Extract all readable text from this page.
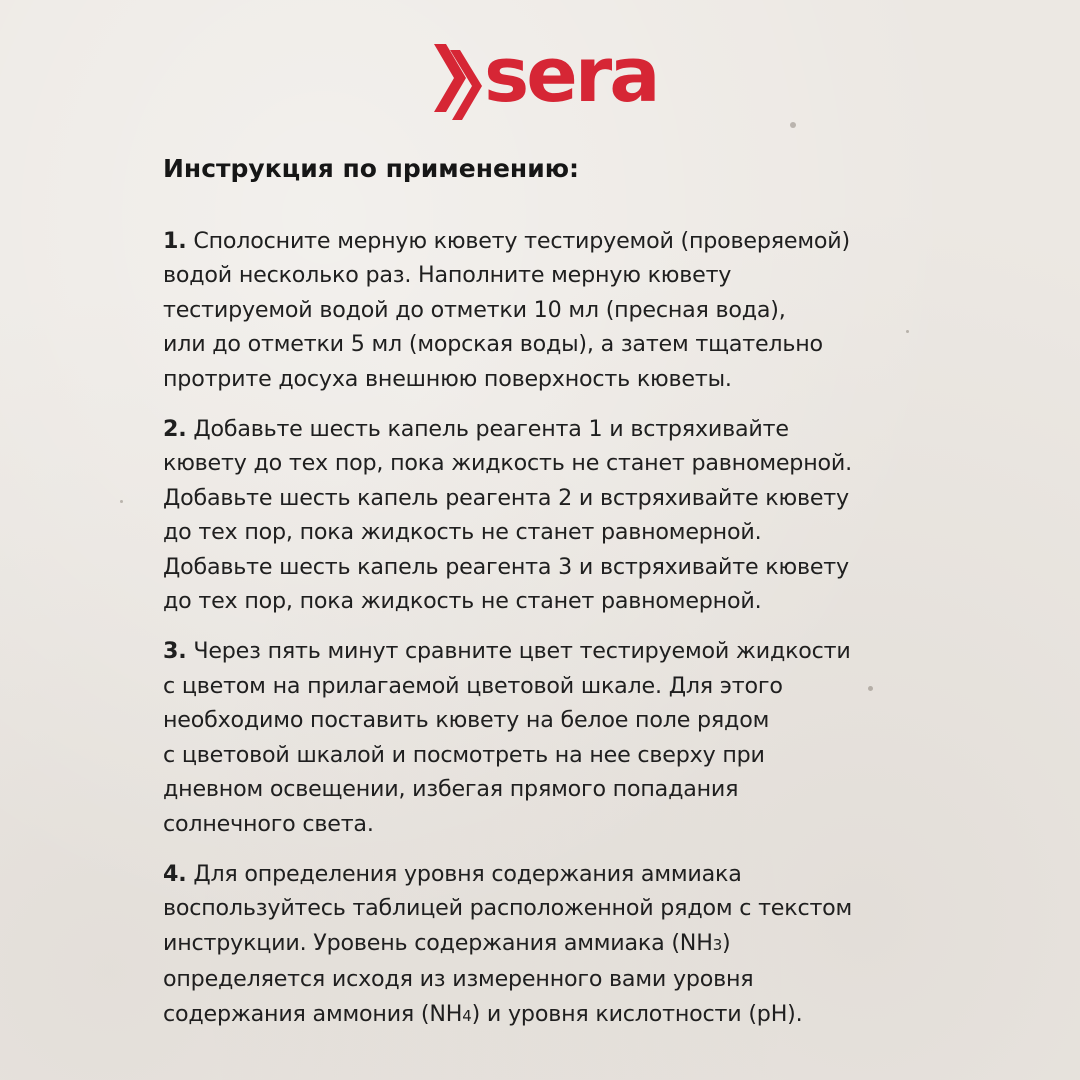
sera
Инструкция по применению:
1. Сполосните мерную кювету тестируемой (проверяемой)
водой несколько раз. Наполните мерную кювету
тестируемой водой до отметки 10 мл (пресная вода),
или до отметки 5 мл (морская воды), а затем тщательно
протрите досуха внешнюю поверхность кюветы.
2. Добавьте шесть капель реагента 1 и встряхивайте
кювету до тех пор, пока жидкость не станет равномерной.
Добавьте шесть капель реагента 2 и встряхивайте кювету
до тех пор, пока жидкость не станет равномерной.
Добавьте шесть капель реагента 3 и встряхивайте кювету
до тех пор, пока жидкость не станет равномерной.
3. Через пять минут сравните цвет тестируемой жидкости
с цветом на прилагаемой цветовой шкале. Для этого
необходимо поставить кювету на белое поле рядом
с цветовой шкалой и посмотреть на нее сверху при
дневном освещении, избегая прямого попадания
солнечного света.
4. Для определения уровня содержания аммиака
воспользуйтесь таблицей расположенной рядом с текстом
инструкции. Уровень содержания аммиака (NH3)
определяется исходя из измеренного вами уровня
содержания аммония (NH4) и уровня кислотности (pH).
